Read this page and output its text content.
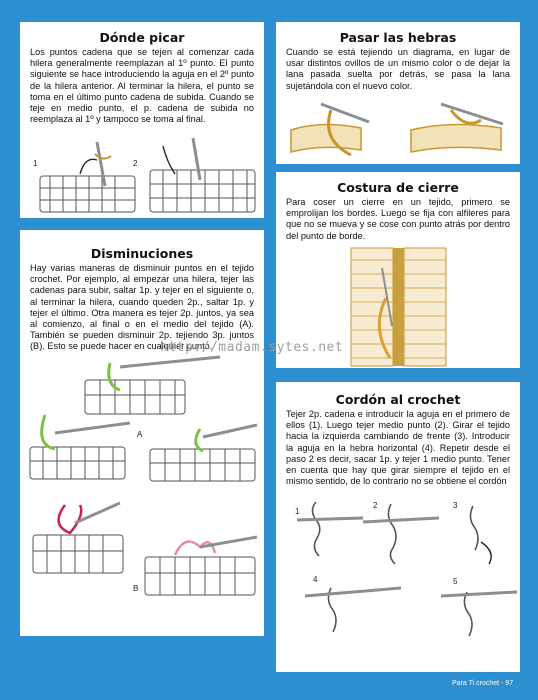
Dónde picar

Los puntos cadena que se tejen al comenzar cada hilera generalmente reemplazan al 1º punto. El punto siguiente se hace introduciendo la aguja en el 2º punto de la hilera anterior. Al terminar la hilera, el punto se toma en el último punto cadena de subida. Cuando se teje en medio punto, el p. cadena de subida no reemplaza al 1º y tampoco se toma al final.

1	2
Pasar las hebras

Cuando se está tejiendo un diagrama, en lugar de usar distintos ovillos de un mismo color o de dejar la lana pasada suelta por detrás, se pasa la lana sujetándola con el nuevo color.

Costura de cierre

Para coser un cierre en un tejido, primero se emprolijan los bordes. Luego se fija con alfileres para que no se mueva y se cose con punto atrás por dentro del punto de borde.

Disminuciones

Hay varias maneras de disminuir puntos en el tejido crochet. Por ejemplo, al empezar una hilera, tejer las cadenas para subir, saltar 1p. y tejer en el siguiente o, al terminar la hilera, cuando queden 2p., saltar 1p. y tejer el último. Otra manera es tejer 2p. juntos, ya sea al comienzo, al final o en el medio del tejido (A). También se pueden disminuir 2p. tejiendo 3p. juntos (B). Esto se puede hacer en cualquier punto.

A
B
Cordón al crochet

Tejer 2p. cadena e introducir la aguja en el primero de ellos (1). Luego tejer medio punto (2). Girar el tejido hacia la izquierda cambiando de frente (3). Introducir la aguja en la hebra horizontal (4). Repetir desde el paso 2 es decir, sacar 1p. y tejer 1 medio punto. Tener en cuenta que hay que girar siempre el tejido en el mismo sentido, de lo contrario no se obtiene el cordón

1
2	3
4	5
http://madam.sytes.net
Para Ti crochet - 97
